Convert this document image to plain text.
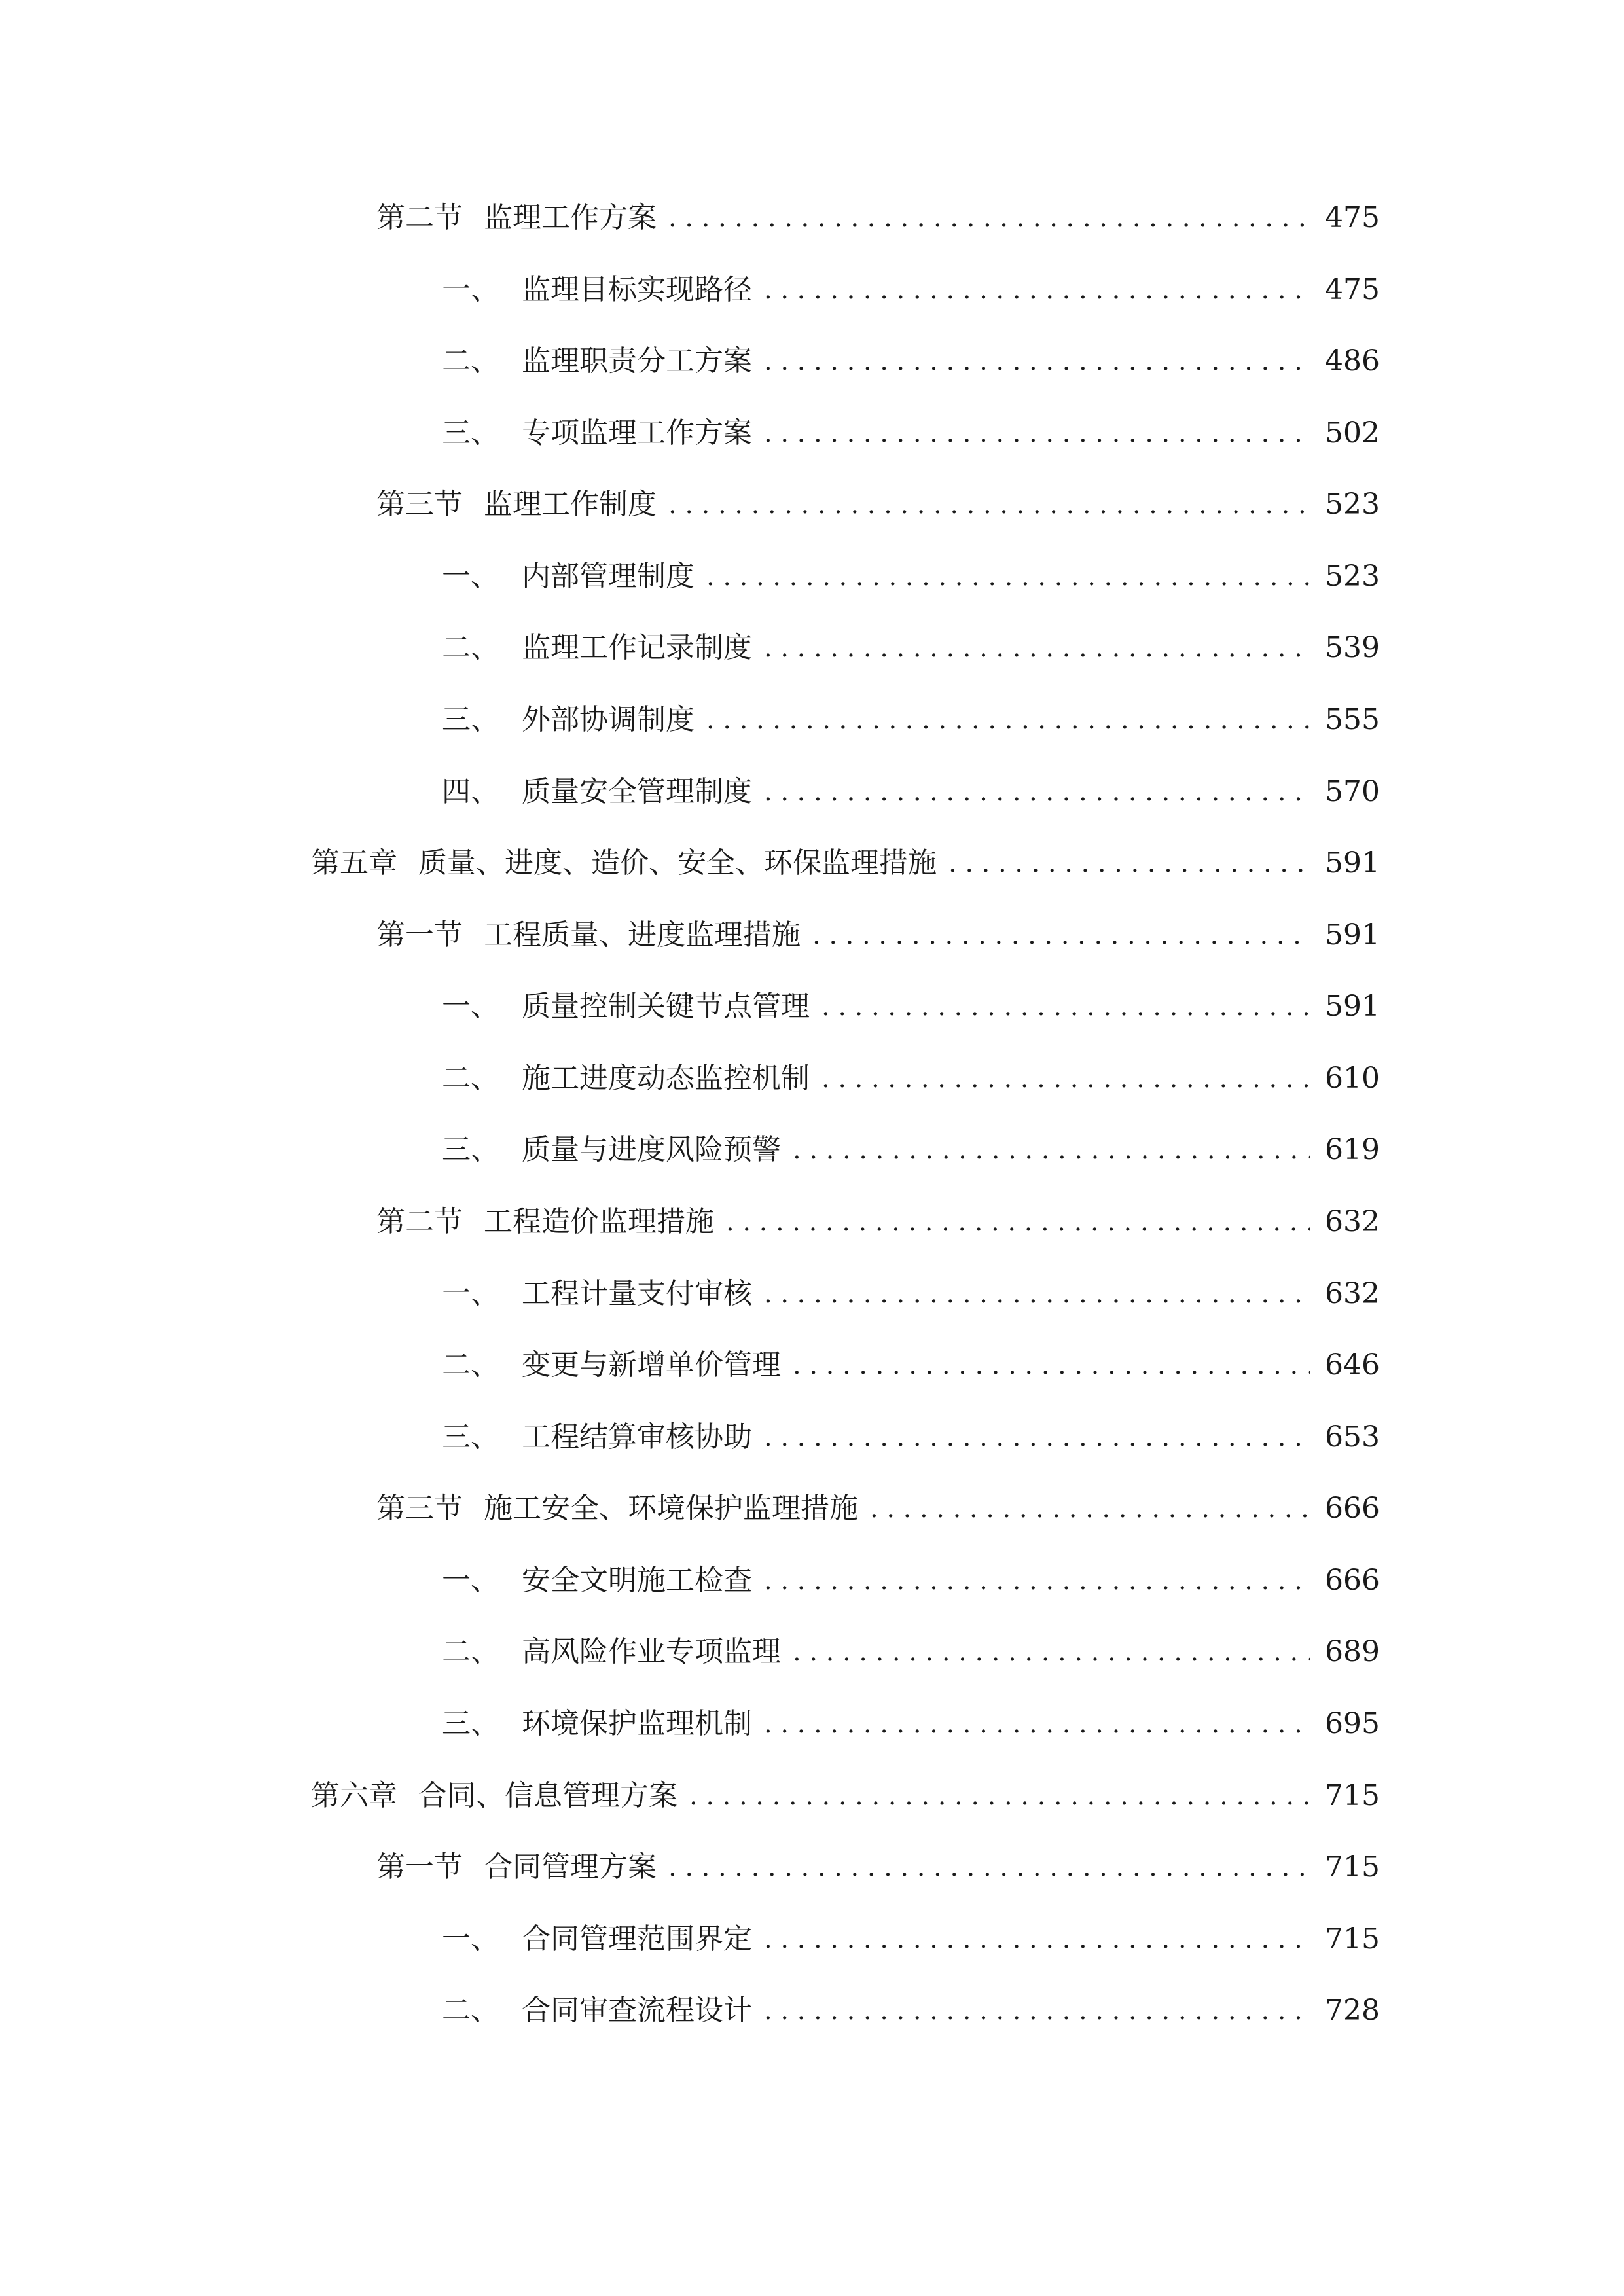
第二节 监理工作方案 .....	475
一、 监理目标实现路径 .....	475
二、 监理职责分工方案 .....	486
三、 专项监理工作方案 .....	502
第三节 监理工作制度 .....	523
一、 内部管理制度 .....	523
二、 监理工作记录制度 .....	539
三、 外部协调制度 .....	555
四、 质量安全管理制度 .....	570
第五章 质量、进度、造价、安全、环保监理措施 .....	591
第一节 工程质量、进度监理措施 .....	591
一、 质量控制关键节点管理 .....	591
二、 施工进度动态监控机制 .....	610
三、 质量与进度风险预警 .....	619
第二节 工程造价监理措施 .....	632
一、 工程计量支付审核 .....	632
二、 变更与新增单价管理 .....	646
三、 工程结算审核协助 .....	653
第三节 施工安全、环境保护监理措施 .....	666
一、 安全文明施工检查 .....	666
二、 高风险作业专项监理 .....	689
三、 环境保护监理机制 .....	695
第六章 合同、信息管理方案 .....	715
第一节 合同管理方案 .....	715
一、 合同管理范围界定 .....	715
二、 合同审查流程设计 .....	728
